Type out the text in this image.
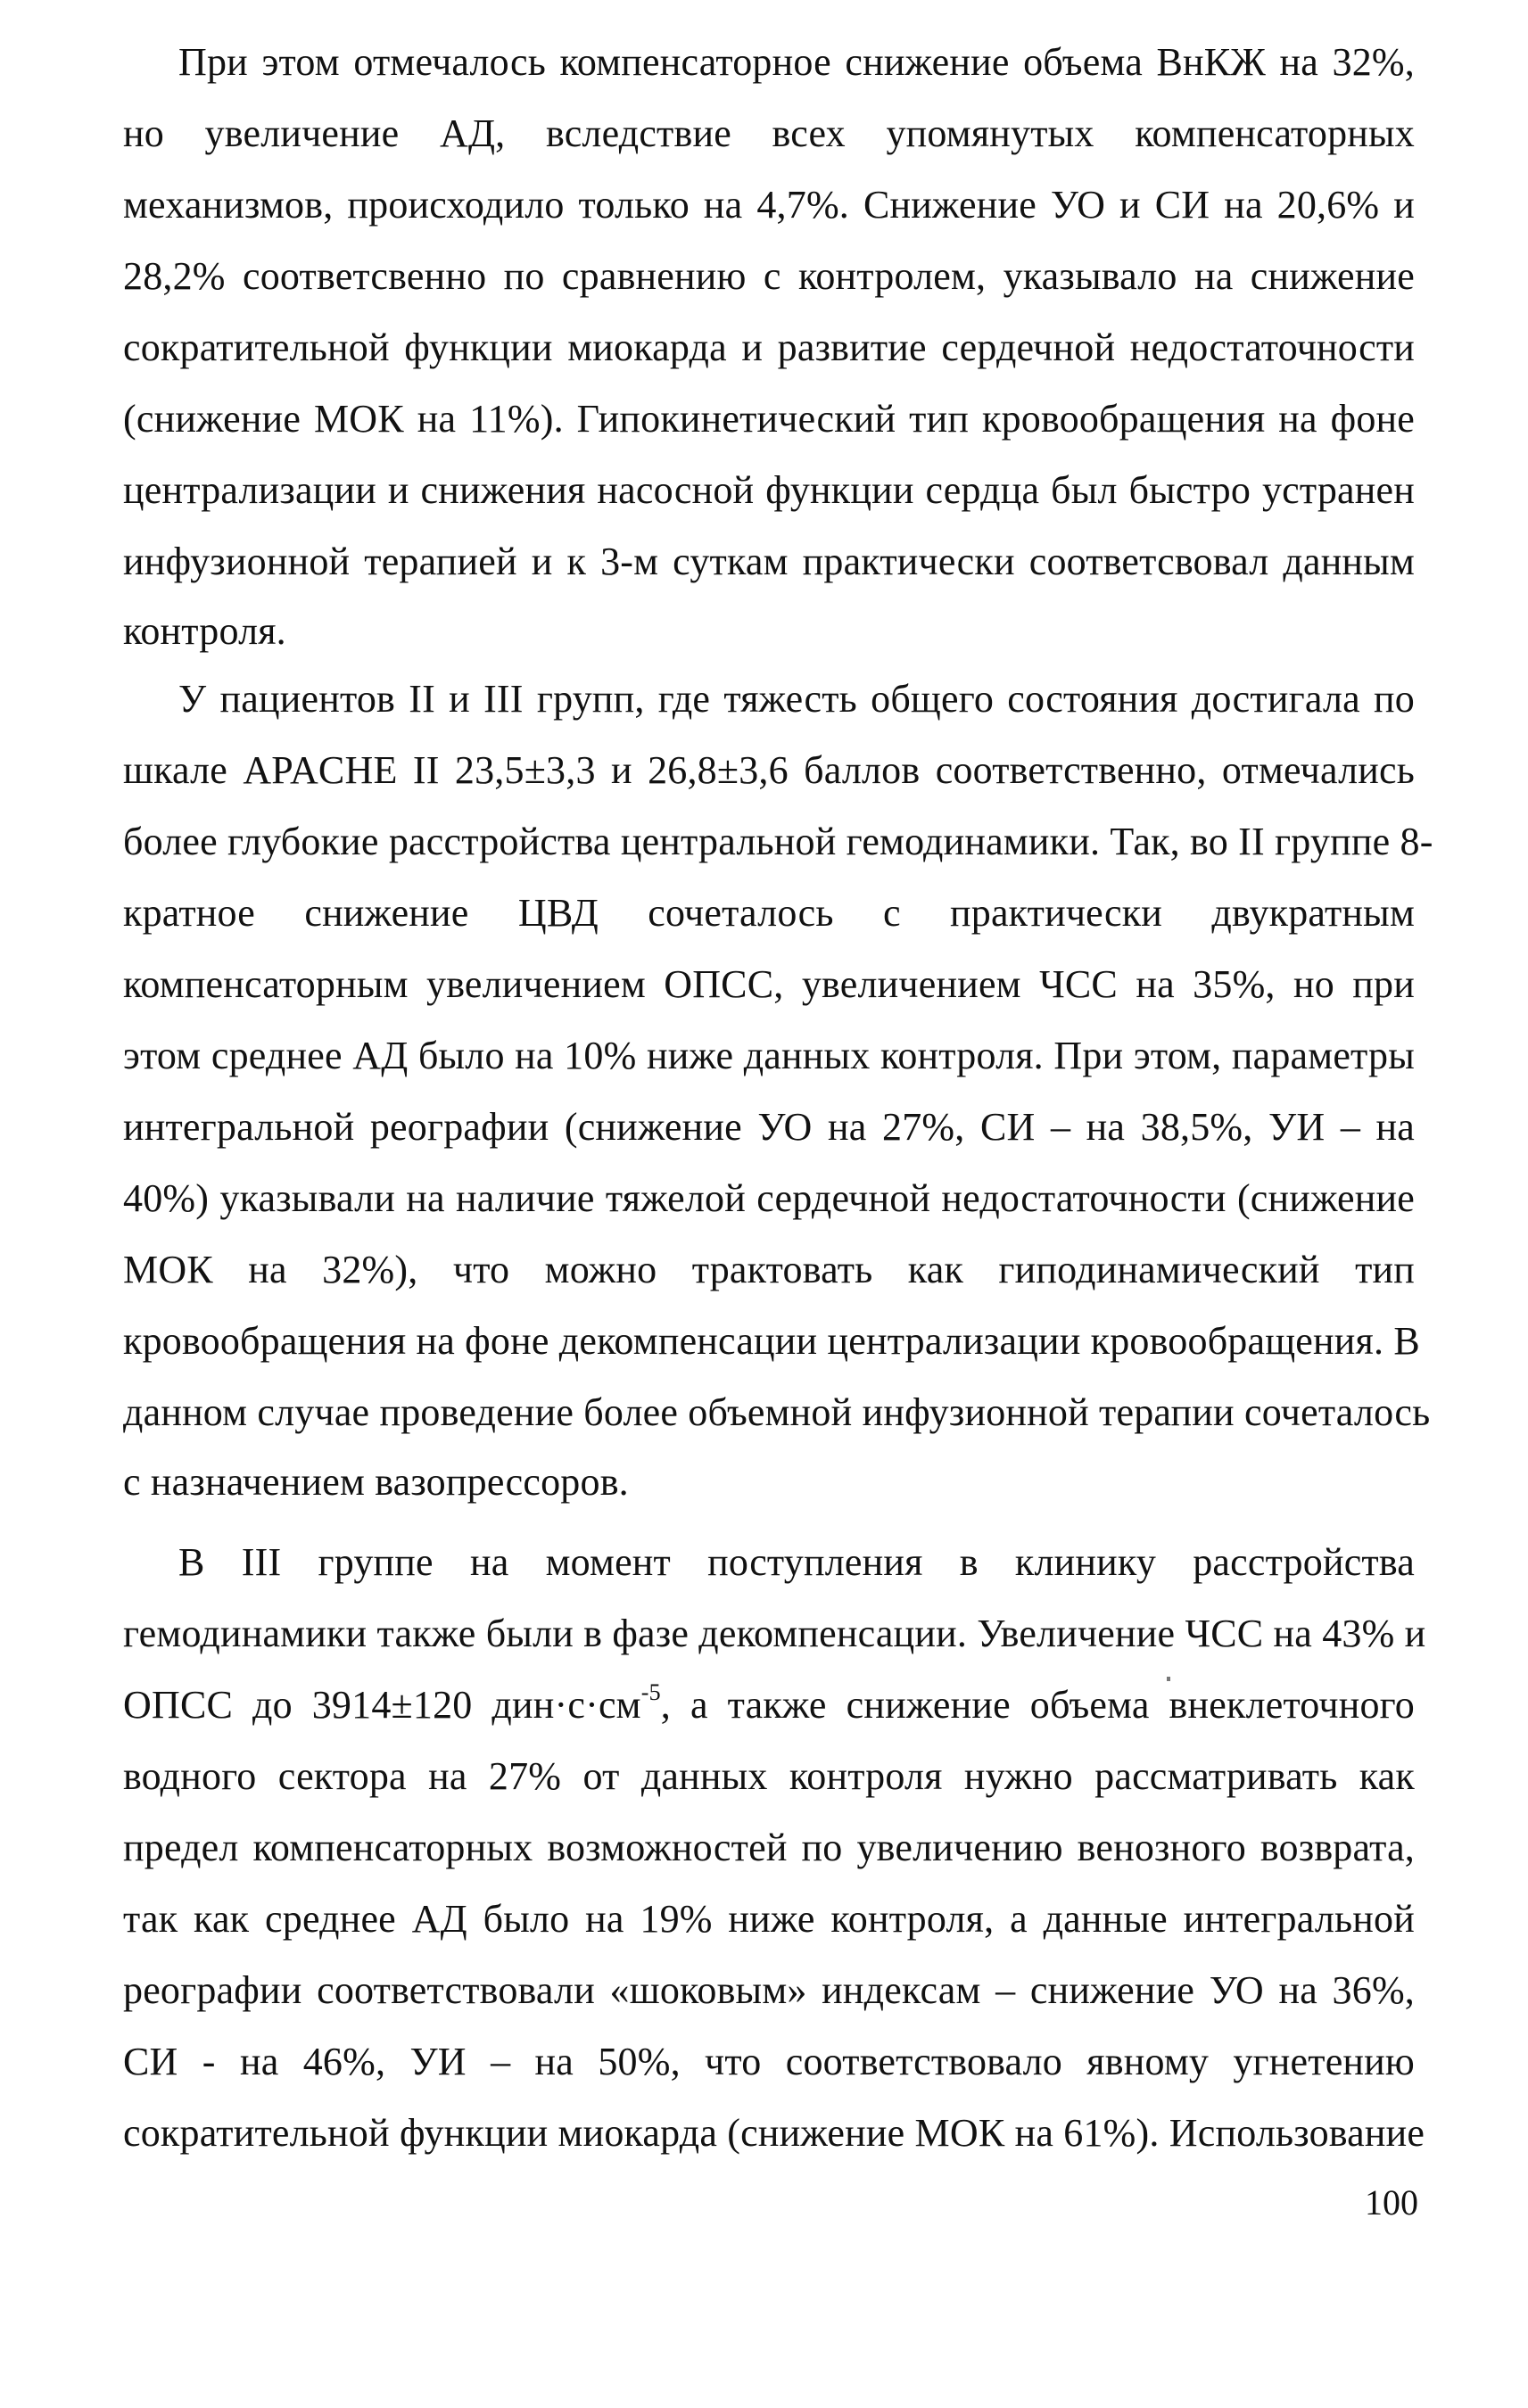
При этом отмечалось компенсаторное снижение объема ВнКЖ на 32%,
но увеличение АД, вследствие всех упомянутых компенсаторных
механизмов, происходило только на 4,7%. Снижение УО и СИ на 20,6% и
28,2% соответсвенно по сравнению с контролем, указывало на снижение
сократительной функции миокарда и развитие сердечной недостаточности
(снижение МОК на 11%). Гипокинетический тип кровообращения на фоне
централизации и снижения насосной функции сердца был быстро устранен
инфузионной терапией и к 3-м суткам практически соответсвовал данным
контроля.
У пациентов II и III групп, где тяжесть общего состояния достигала по
шкале APACHE II 23,5±3,3 и 26,8±3,6 баллов соответственно, отмечались
более глубокие расстройства центральной гемодинамики. Так, во II группе 8-
кратное снижение ЦВД сочеталось с практически двукратным
компенсаторным увеличением ОПСС, увеличением ЧСС на 35%, но при
этом среднее АД было на 10% ниже данных контроля. При этом, параметры
интегральной реографии (снижение УО на 27%, СИ – на 38,5%, УИ – на
40%) указывали на наличие тяжелой сердечной недостаточности (снижение
МОК на 32%), что можно трактовать как гиподинамический тип
кровообращения на фоне декомпенсации централизации кровообращения. В
данном случае проведение более объемной инфузионной терапии сочеталось
с назначением вазопрессоров.
В III группе на момент поступления в клинику расстройства
гемодинамики также были в фазе декомпенсации. Увеличение ЧСС на 43% и
ОПСС до 3914±120 $дин\cdot с\cdot см^{-5}$, а также снижение объема внеклеточного
водного сектора на 27% от данных контроля нужно рассматривать как
предел компенсаторных возможностей по увеличению венозного возврата,
так как среднее АД было на 19% ниже контроля, а данные интегральной
реографии соответствовали «шоковым» индексам – снижение УО на 36%,
СИ - на 46%, УИ – на 50%, что соответствовало явному угнетению
сократительной функции миокарда (снижение МОК на 61%). Использование
100
